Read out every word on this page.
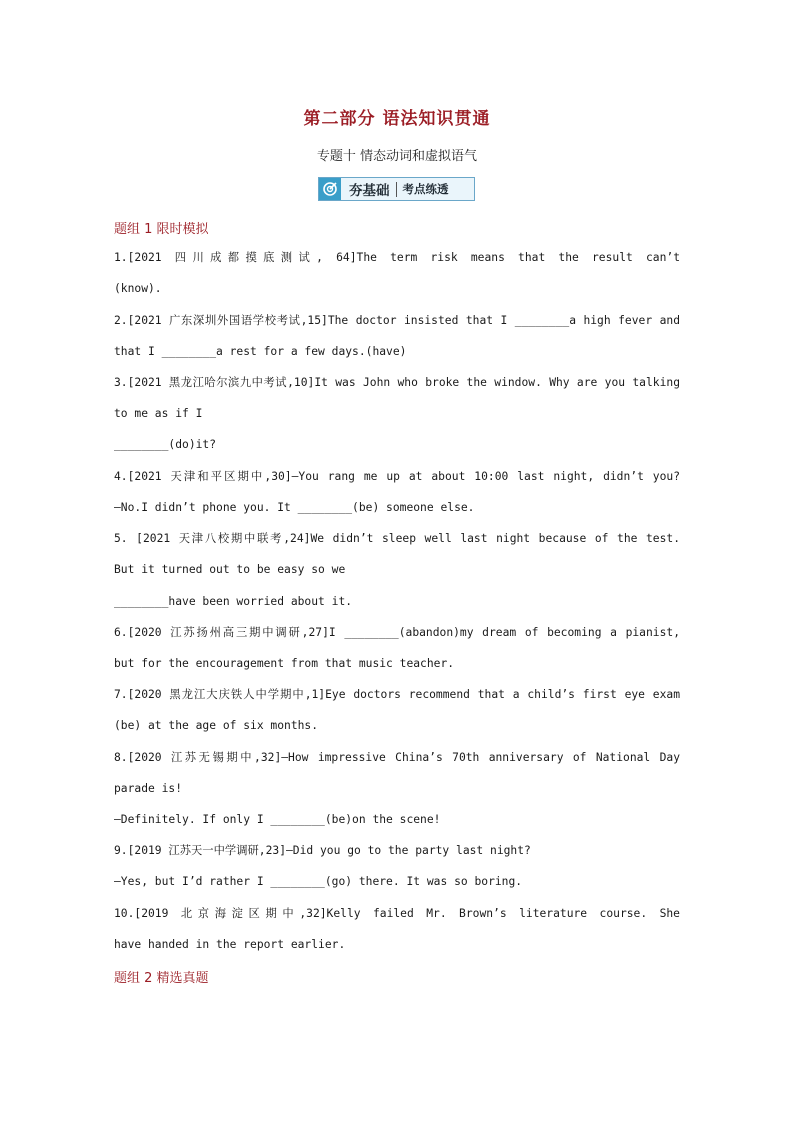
第二部分 语法知识贯通
专题十 情态动词和虚拟语气
夯基础	考点练透
题组 1 限时模拟
1.[2021 四川成都摸底测试, 64]The term risk means that the result can’t
(know).
2.[2021 广东深圳外国语学校考试,15]The doctor insisted that I ________a high fever and
that I ________a rest for a few days.(have)
3.[2021 黑龙江哈尔滨九中考试,10]It was John who broke the window. Why are you talking
to me as if I
________(do)it?
4.[2021 天津和平区期中,30]—You rang me up at about 10:00 last night, didn’t you?
—No.I didn’t phone you. It ________(be) someone else.
5. [2021 天津八校期中联考,24]We didn’t sleep well last night because of the test.
But it turned out to be easy so we
________have been worried about it.
6.[2020 江苏扬州高三期中调研,27]I ________(abandon)my dream of becoming a pianist,
but for the encouragement from that music teacher.
7.[2020 黑龙江大庆铁人中学期中,1]Eye doctors recommend that a child’s first eye exam
(be) at the age of six months.
8.[2020 江苏无锡期中,32]—How impressive China’s 70th anniversary of National Day
parade is!
—Definitely. If only I ________(be)on the scene!
9.[2019 江苏天一中学调研,23]—Did you go to the party last night?
—Yes, but I’d rather I ________(go) there. It was so boring.
10.[2019 北京海淀区期中,32]Kelly failed Mr. Brown’s literature course. She
have handed in the report earlier.
题组 2 精选真题
